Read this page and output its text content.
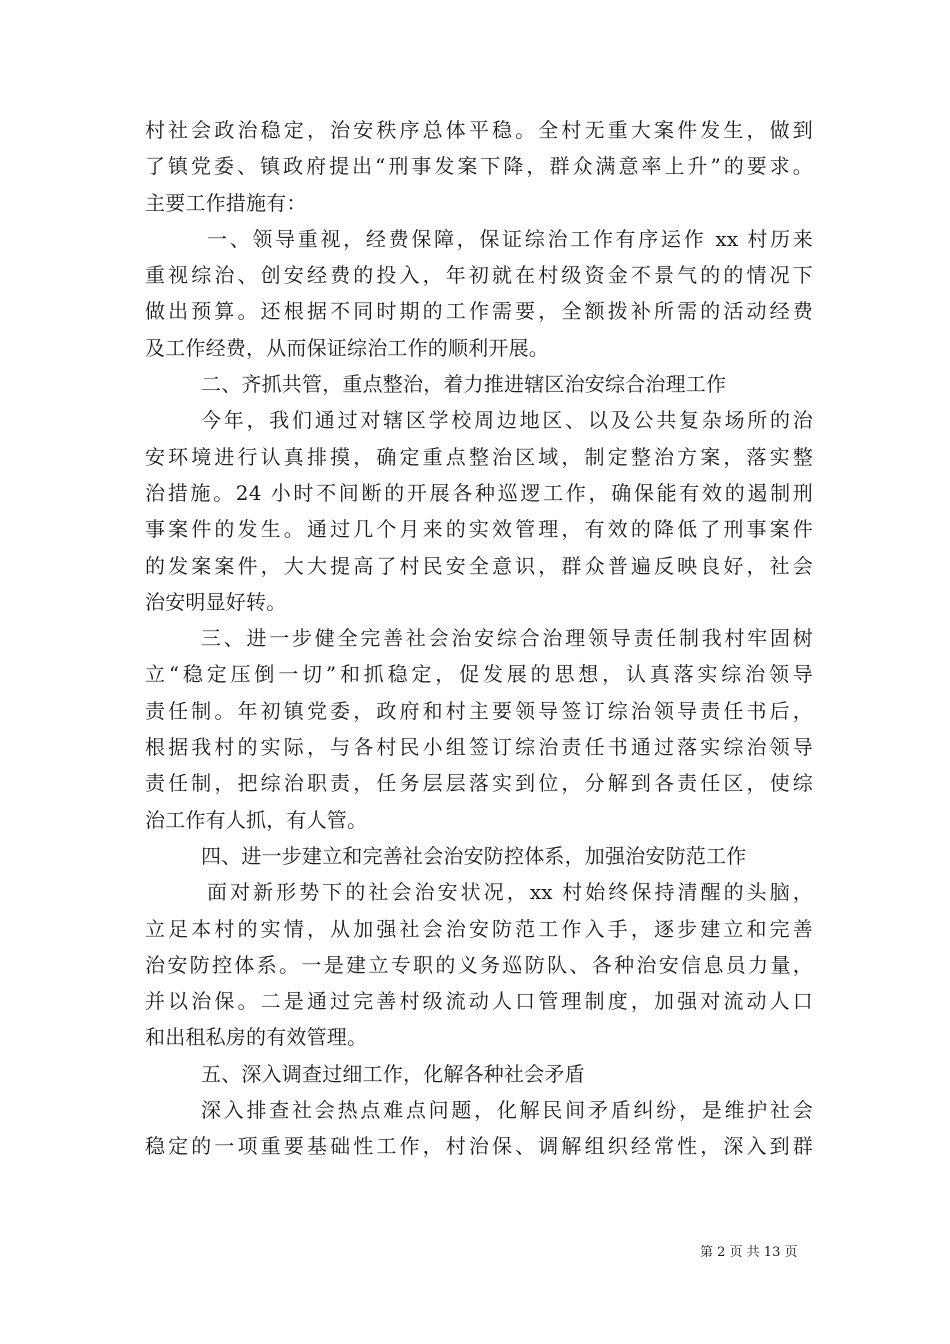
村社会政治稳定，治安秩序总体平稳。全村无重大案件发生，做到
了镇党委、镇政府提出“刑事发案下降，群众满意率上升”的要求。
主要工作措施有：
一、领导重视，经费保障，保证综治工作有序运作 xx 村历来
重视综治、创安经费的投入，年初就在村级资金不景气的的情况下
做出预算。还根据不同时期的工作需要，全额拨补所需的活动经费
及工作经费，从而保证综治工作的顺利开展。
二、齐抓共管，重点整治，着力推进辖区治安综合治理工作
今年，我们通过对辖区学校周边地区、以及公共复杂场所的治
安环境进行认真排摸，确定重点整治区域，制定整治方案，落实整
治措施。24 小时不间断的开展各种巡逻工作，确保能有效的遏制刑
事案件的发生。通过几个月来的实效管理，有效的降低了刑事案件
的发案案件，大大提高了村民安全意识，群众普遍反映良好，社会
治安明显好转。
三、进一步健全完善社会治安综合治理领导责任制我村牢固树
立“稳定压倒一切”和抓稳定，促发展的思想，认真落实综治领导
责任制。年初镇党委，政府和村主要领导签订综治领导责任书后，
根据我村的实际，与各村民小组签订综治责任书通过落实综治领导
责任制，把综治职责，任务层层落实到位，分解到各责任区，使综
治工作有人抓，有人管。
四、进一步建立和完善社会治安防控体系，加强治安防范工作
面对新形势下的社会治安状况，xx 村始终保持清醒的头脑，
立足本村的实情，从加强社会治安防范工作入手，逐步建立和完善
治安防控体系。一是建立专职的义务巡防队、各种治安信息员力量，
并以治保。二是通过完善村级流动人口管理制度，加强对流动人口
和出租私房的有效管理。
五、深入调查过细工作，化解各种社会矛盾
深入排查社会热点难点问题，化解民间矛盾纠纷，是维护社会
稳定的一项重要基础性工作，村治保、调解组织经常性，深入到群
第 2 页 共 13 页
